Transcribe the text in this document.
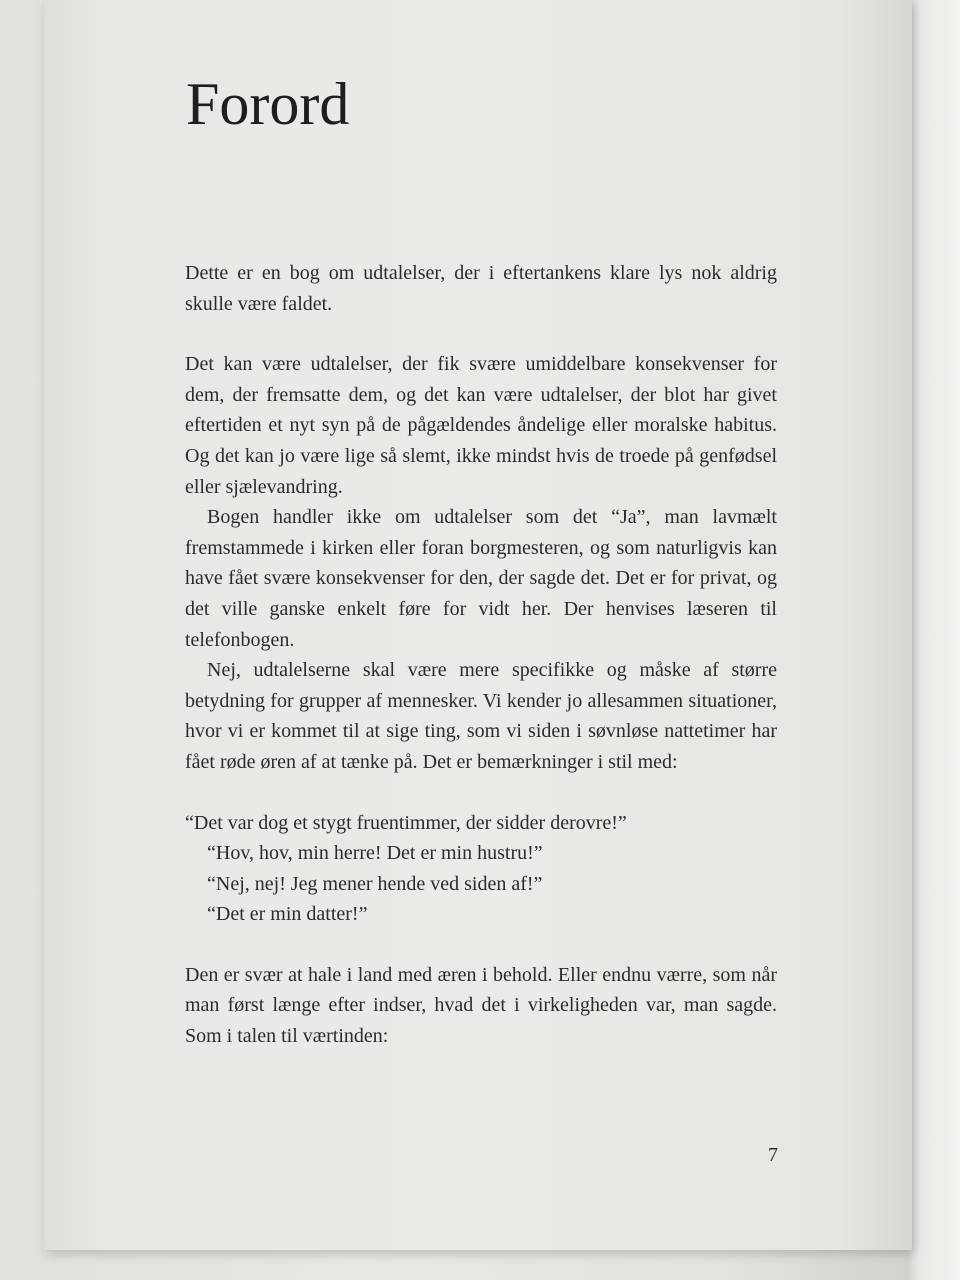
Forord

Dette er en bog om udtalelser, der i eftertankens klare lys nok aldrig skulle være faldet.

Det kan være udtalelser, der fik svære umiddelbare konsekvenser for dem, der fremsatte dem, og det kan være udtalelser, der blot har givet eftertiden et nyt syn på de pågældendes åndelige eller moralske habitus. Og det kan jo være lige så slemt, ikke mindst hvis de troede på genfødsel eller sjælevandring.

Bogen handler ikke om udtalelser som det “Ja”, man lavmælt fremstammede i kirken eller foran borgmesteren, og som naturligvis kan have fået svære konsekvenser for den, der sagde det. Det er for privat, og det ville ganske enkelt føre for vidt her. Der henvises læseren til telefonbogen.

Nej, udtalelserne skal være mere specifikke og måske af større betydning for grupper af mennesker. Vi kender jo allesammen situationer, hvor vi er kommet til at sige ting, som vi siden i søvnløse nattetimer har fået røde øren af at tænke på. Det er bemærkninger i stil med:

“Det var dog et stygt fruentimmer, der sidder derovre!”

“Hov, hov, min herre! Det er min hustru!”

“Nej, nej! Jeg mener hende ved siden af!”

“Det er min datter!”

Den er svær at hale i land med æren i behold. Eller endnu værre, som når man først længe efter indser, hvad det i virkeligheden var, man sagde. Som i talen til værtinden:

7
